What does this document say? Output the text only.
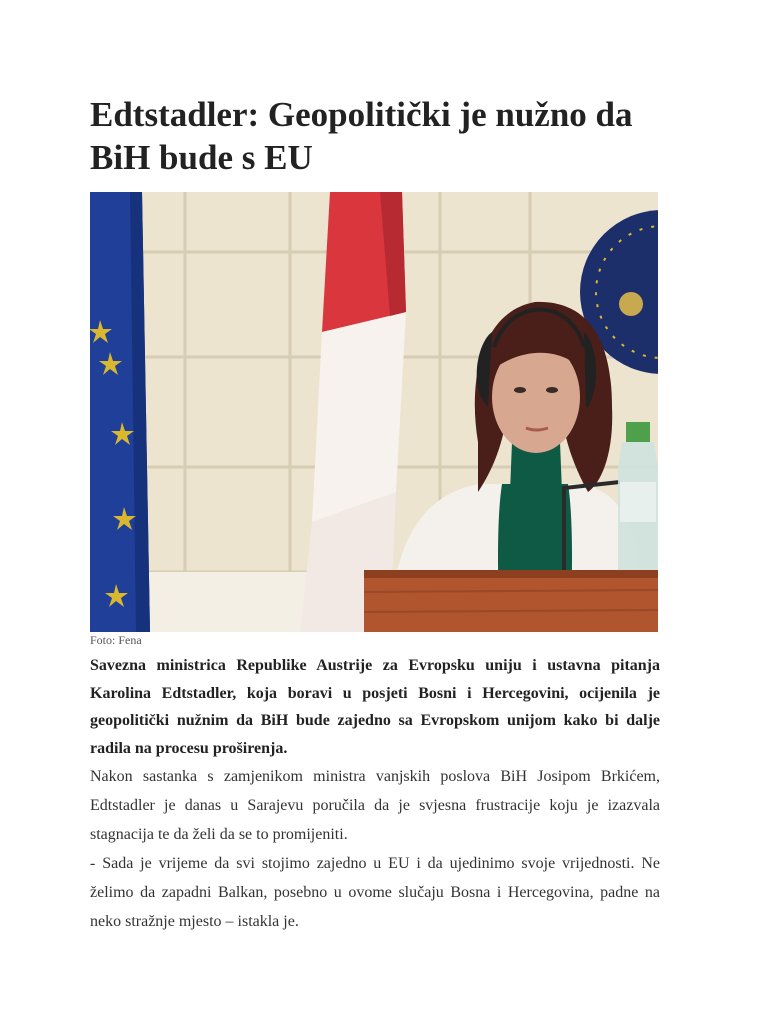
Edtstadler: Geopolitički je nužno da BiH bude s EU
Foto: Fena

Savezna ministrica Republike Austrije za Evropsku uniju i ustavna pitanja Karolina Edtstadler, koja boravi u posjeti Bosni i Hercegovini, ocijenila je geopolitički nužnim da BiH bude zajedno sa Evropskom unijom kako bi dalje radila na procesu proširenja.

Nakon sastanka s zamjenikom ministra vanjskih poslova BiH Josipom Brkićem, Edtstadler je danas u Sarajevu poručila da je svjesna frustracije koju je izazvala stagnacija te da želi da se to promijeniti.

- Sada je vrijeme da svi stojimo zajedno u EU i da ujedinimo svoje vrijednosti. Ne želimo da zapadni Balkan, posebno u ovome slučaju Bosna i Hercegovina, padne na neko stražnje mjesto – istakla je.
